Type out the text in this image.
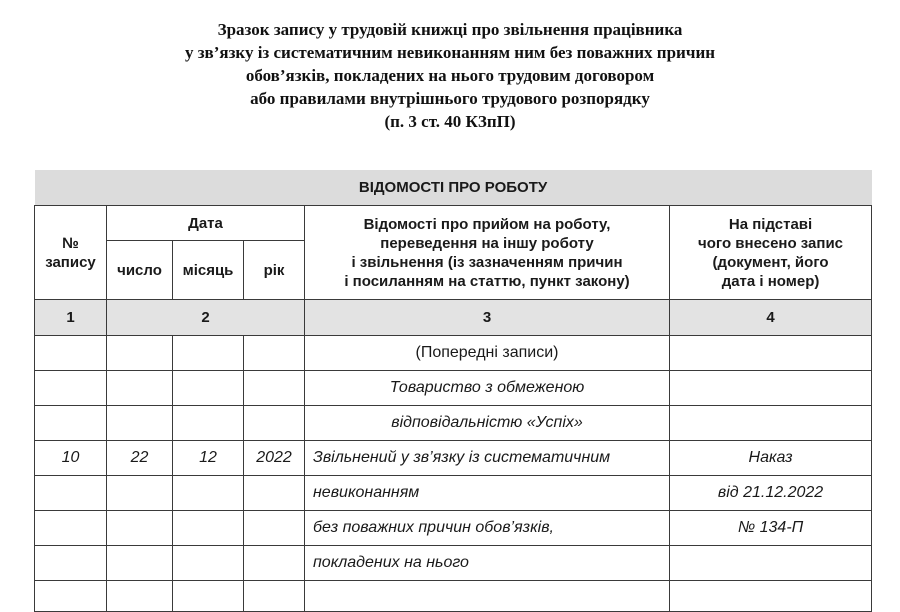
Зразок запису у трудовій книжці про звільнення працівника
у зв’язку із систематичним невиконанням ним без поважних причин
обов’язків, покладених на нього трудовим договором
або правилами внутрішнього трудового розпорядку
(п. 3 ст. 40 КЗпП)
ВІДОМОСТІ ПРО РОБОТУ					
№
запису	Дата			Відомості про прийом на роботу,
переведення на іншу роботу
і звільнення (із зазначенням причин
і посиланням на статтю, пункт закону)	На підставі
чого внесено запис
(документ, його
дата і номер)
	число	місяць	рік		
1	2			3	4
				(Попередні записи)	
				Товариство з обмеженою	
				відповідальністю «Успіх»	
10	22	12	2022	Звільнений у зв’язку із систематичним	Наказ
				невиконанням	від 21.12.2022
				без поважних причин обов’язків,	№ 134-П
				покладених на нього	
